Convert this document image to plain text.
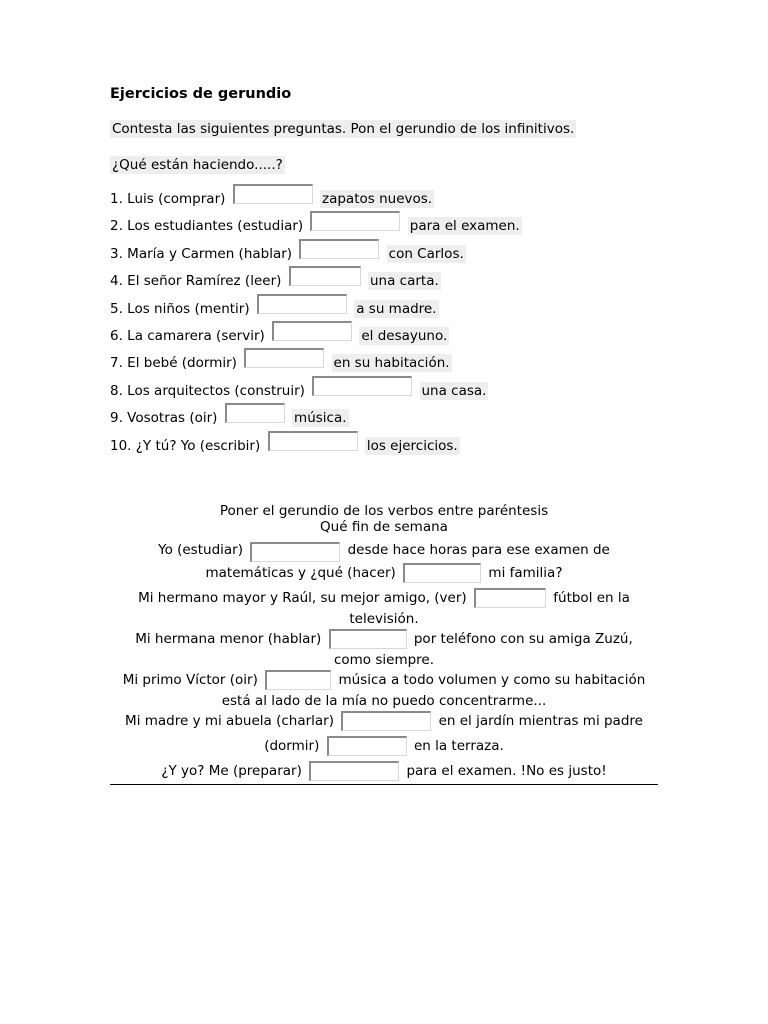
Ejercicios de gerundio
Contesta las siguientes preguntas. Pon el gerundio de los infinitivos.
¿Qué están haciendo.....?
1. Luis (comprar)	zapatos nuevos.
2. Los estudiantes (estudiar)	para el examen.
3. María y Carmen (hablar)	con Carlos.
4. El señor Ramírez (leer)	una carta.
5. Los niños (mentir)	a su madre.
6. La camarera (servir)	el desayuno.
7. El bebé (dormir)	en su habitación.
8. Los arquitectos (construir)	una casa.
9. Vosotras (oir)	música.
10. ¿Y tú? Yo (escribir)	los ejercicios.
Poner el gerundio de los verbos entre paréntesis
Qué fin de semana
Yo (estudiar)	desde hace horas para ese examen de
matemáticas y ¿qué (hacer)	mi familia?
Mi hermano mayor y Raúl, su mejor amigo, (ver)	fútbol en la
televisión.
Mi hermana menor (hablar)	por teléfono con su amiga Zuzú,
como siempre.
Mi primo Víctor (oir)	música a todo volumen y como su habitación
está al lado de la mía no puedo concentrarme...
Mi madre y mi abuela (charlar)	en el jardín mientras mi padre
(dormir)	en la terraza.
¿Y yo? Me (preparar)	para el examen. !No es justo!
